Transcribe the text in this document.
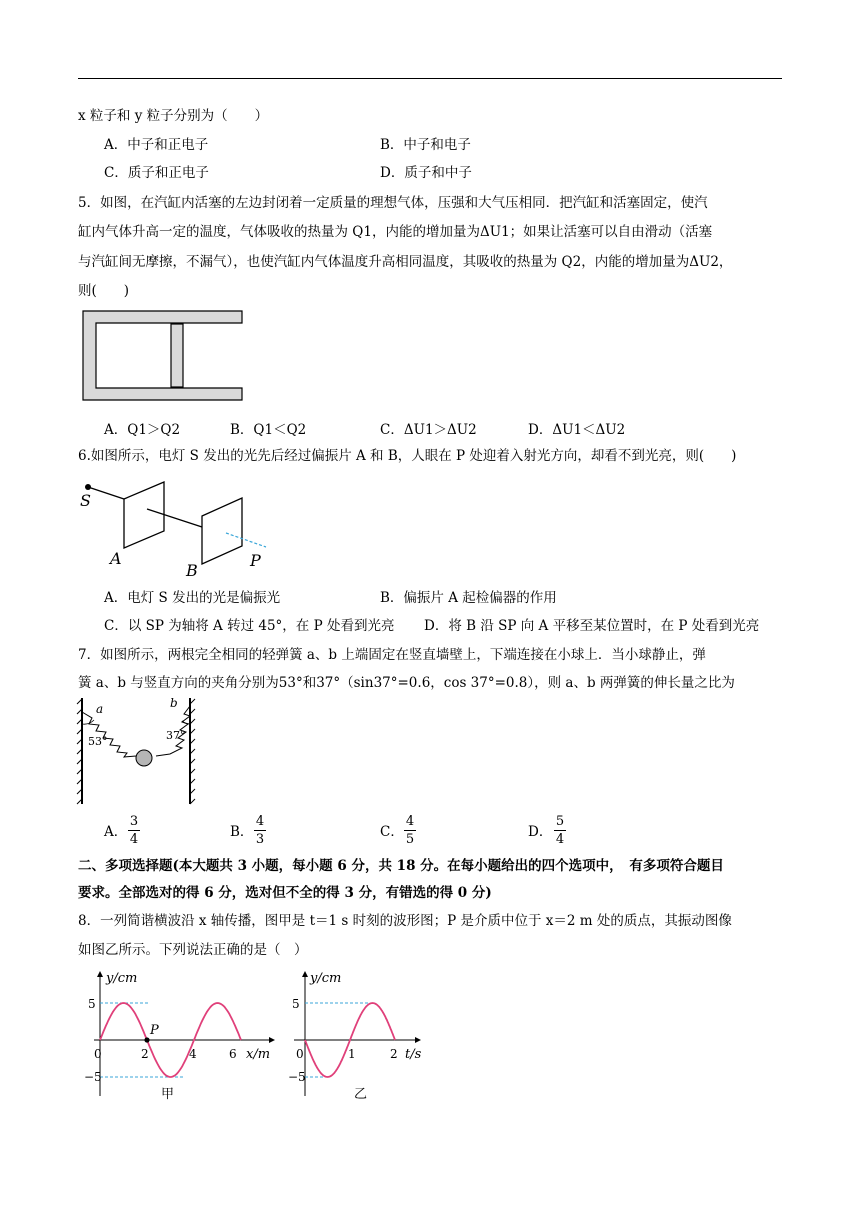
x 粒子和 y 粒子分别为（　　）
A．中子和正电子	B．中子和电子
C．质子和正电子	D．质子和中子
5．如图，在汽缸内活塞的左边封闭着一定质量的理想气体，压强和大气压相同．把汽缸和活塞固定，使汽
缸内气体升高一定的温度，气体吸收的热量为 Q1，内能的增加量为ΔU1；如果让活塞可以自由滑动（活塞
与汽缸间无摩擦，不漏气），也使汽缸内气体温度升高相同温度，其吸收的热量为 Q2，内能的增加量为ΔU2，
则(　　)
A．Q1＞Q2	B．Q1＜Q2	C．ΔU1＞ΔU2	D．ΔU1＜ΔU2
6.如图所示，电灯 S 发出的光先后经过偏振片 A 和 B，人眼在 P 处迎着入射光方向，却看不到光亮，则(　　)
S
A
B
P
A．电灯 S 发出的光是偏振光	B．偏振片 A 起检偏器的作用
C．以 SP 为轴将 A 转过 45°，在 P 处看到光亮 D．将 B 沿 SP 向 A 平移至某位置时，在 P 处看到光亮
7．如图所示，两根完全相同的轻弹簧 a、b 上端固定在竖直墙壁上，下端连接在小球上．当小球静止，弹
簧 a、b 与竖直方向的夹角分别为53°和37°（sin37°=0.6，cos 37°=0.8），则 a、b 两弹簧的伸长量之比为
a	b
53°	37°
A．
3
4	B．
4
3	C．
4
5	D．
5
4
二、多项选择题(本大题共 3 小题，每小题 6 分，共 18 分。在每小题给出的四个选项中，　有多项符合题目
要求。全部选对的得 6 分，选对但不全的得 3 分，有错选的得 0 分)
8．一列简谐横波沿 x 轴传播，图甲是 t＝1 s 时刻的波形图；P 是介质中位于 x＝2 m 处的质点，其振动图像
如图乙所示。下列说法正确的是（　）
P
y/cm
x/m
5
−5
0	2	4	6
甲
y/cm
t/s
5
−5
0	1	2
乙
